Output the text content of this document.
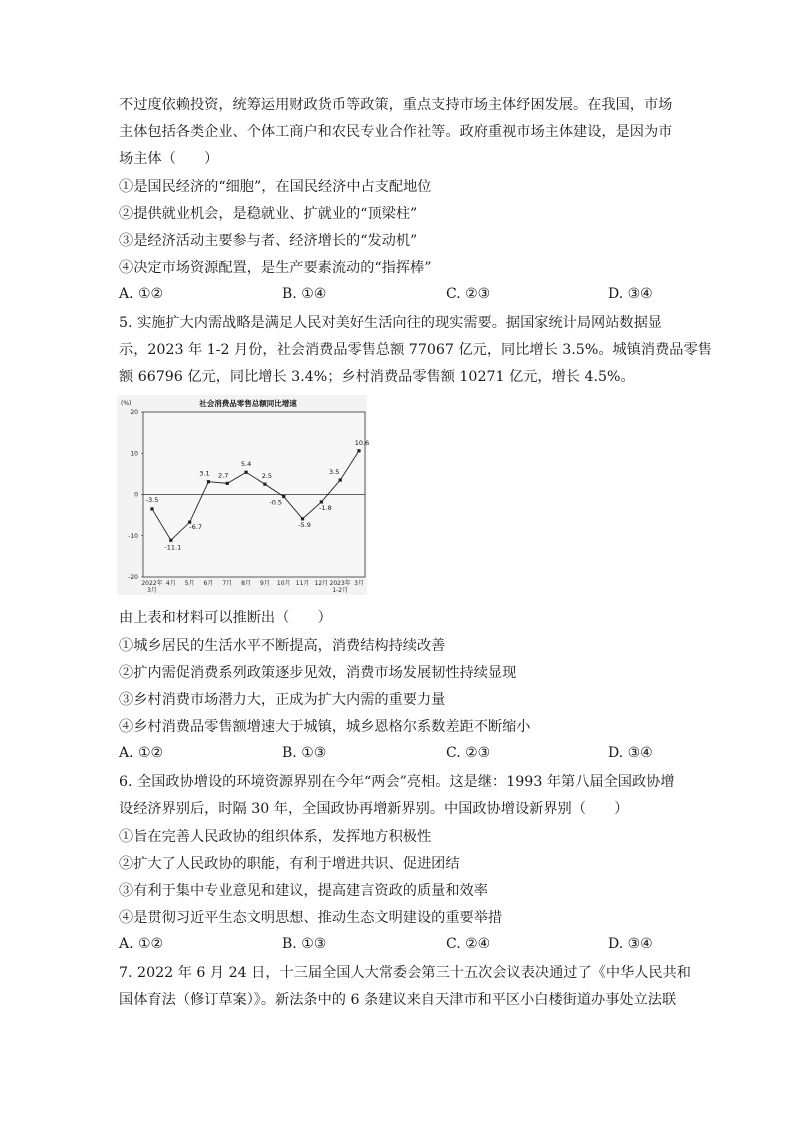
不过度依赖投资，统筹运用财政货币等政策，重点支持市场主体纾困发展。在我国，市场
主体包括各类企业、个体工商户和农民专业合作社等。政府重视市场主体建设，是因为市
场主体（　　）
①是国民经济的“细胞”，在国民经济中占支配地位
②提供就业机会，是稳就业、扩就业的“顶梁柱”
③是经济活动主要参与者、经济增长的“发动机”
④决定市场资源配置，是生产要素流动的“指挥棒”
A. ①②	B. ①④	C. ②③	D. ③④
5. 实施扩大内需战略是满足人民对美好生活向往的现实需要。据国家统计局网站数据显
示，2023 年 1-2 月份，社会消费品零售总额 77067 亿元，同比增长 3.5%。城镇消费品零售
额 66796 亿元，同比增长 3.4%；乡村消费品零售额 10271 亿元，增长 4.5%。
社会消费品零售总额同比增速
(%)
20
10
0
-10
-20
-3.5
-11.1
-6.7
3.1 2.7
5.4
2.5
-0.5
-5.9
-1.8
3.5
10.6
2022年 3月
4月 5月 6月 7月 8月 9月 10月 11月 12月 2023年 1-2月
3月
由上表和材料可以推断出（　　）
①城乡居民的生活水平不断提高，消费结构持续改善
②扩内需促消费系列政策逐步见效，消费市场发展韧性持续显现
③乡村消费市场潜力大，正成为扩大内需的重要力量
④乡村消费品零售额增速大于城镇，城乡恩格尔系数差距不断缩小
A. ①②	B. ①③	C. ②③	D. ③④
6. 全国政协增设的环境资源界别在今年“两会”亮相。这是继：1993 年第八届全国政协增
设经济界别后，时隔 30 年，全国政协再增新界别。中国政协增设新界别（　　）
①旨在完善人民政协的组织体系，发挥地方积极性
②扩大了人民政协的职能，有利于增进共识、促进团结
③有利于集中专业意见和建议，提高建言资政的质量和效率
④是贯彻习近平生态文明思想、推动生态文明建设的重要举措
A. ①②	B. ①③	C. ②④	D. ③④
7. 2022 年 6 月 24 日，十三届全国人大常委会第三十五次会议表决通过了《中华人民共和
国体育法（修订草案）》。新法条中的 6 条建议来自天津市和平区小白楼街道办事处立法联
